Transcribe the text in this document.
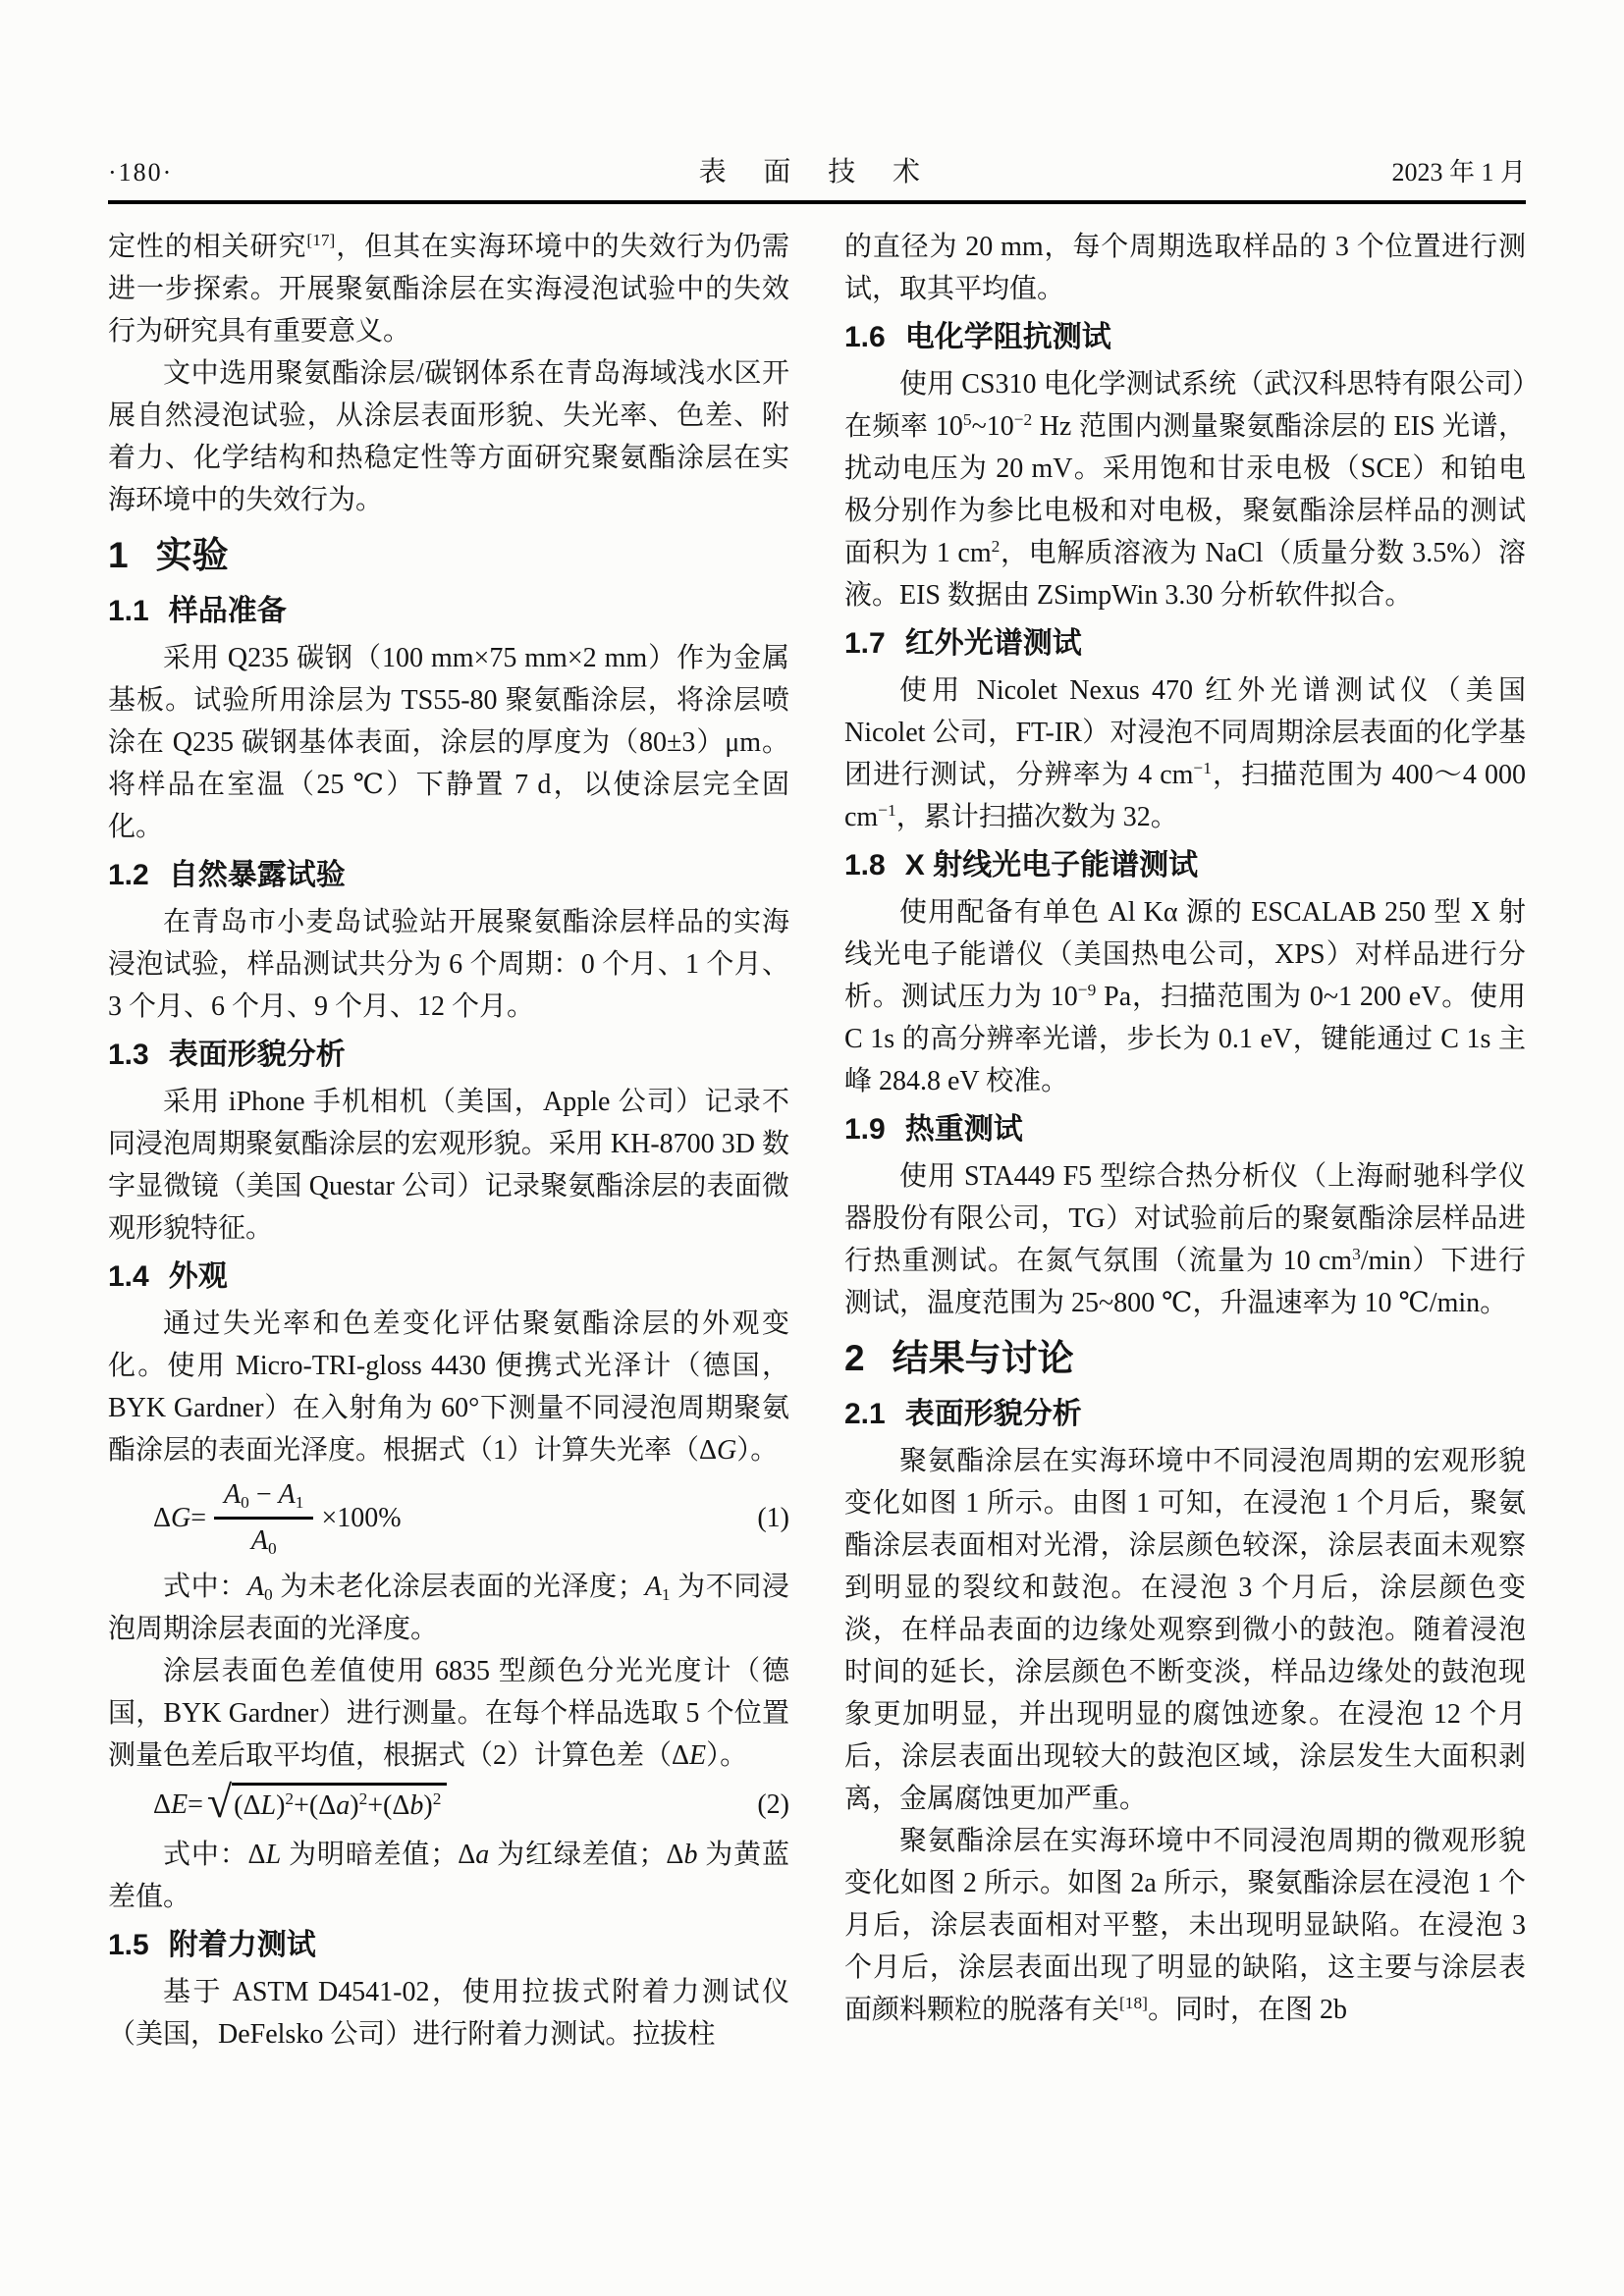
·180·	表 面 技 术	2023 年 1 月

定性的相关研究[17]，但其在实海环境中的失效行为仍需进一步探索。开展聚氨酯涂层在实海浸泡试验中的失效行为研究具有重要意义。

文中选用聚氨酯涂层/碳钢体系在青岛海域浅水区开展自然浸泡试验，从涂层表面形貌、失光率、色差、附着力、化学结构和热稳定性等方面研究聚氨酯涂层在实海环境中的失效行为。

1 实验
1.1 样品准备

采用 Q235 碳钢（100 mm×75 mm×2 mm）作为金属基板。试验所用涂层为 TS55-80 聚氨酯涂层，将涂层喷涂在 Q235 碳钢基体表面，涂层的厚度为（80±3）μm。将样品在室温（25 ℃）下静置 7 d，以使涂层完全固化。

1.2 自然暴露试验

在青岛市小麦岛试验站开展聚氨酯涂层样品的实海浸泡试验，样品测试共分为 6 个周期：0 个月、1 个月、3 个月、6 个月、9 个月、12 个月。

1.3 表面形貌分析

采用 iPhone 手机相机（美国，Apple 公司）记录不同浸泡周期聚氨酯涂层的宏观形貌。采用 KH-8700 3D 数字显微镜（美国 Questar 公司）记录聚氨酯涂层的表面微观形貌特征。

1.4 外观

通过失光率和色差变化评估聚氨酯涂层的外观变化。使用 Micro-TRI-gloss 4430 便携式光泽计（德国，BYK Gardner）在入射角为 60°下测量不同浸泡周期聚氨酯涂层的表面光泽度。根据式（1）计算失光率（ΔG）。

Δ $G = \frac{A_0 - A_1}{A_0} \times 100\%$	(1)

式中：$A_0$ 为未老化涂层表面的光泽度；$A_1$ 为不同浸泡周期涂层表面的光泽度。

涂层表面色差值使用 6835 型颜色分光光度计（德国，BYK Gardner）进行测量。在每个样品选取 5 个位置测量色差后取平均值，根据式（2）计算色差（ΔE）。

Δ E = √ $(\Delta L)^2+(\Delta a)^2+(\Delta b)^2$	(2)

式中：ΔL 为明暗差值；Δa 为红绿差值；Δb 为黄蓝差值。

1.5 附着力测试

基于 ASTM D4541-02，使用拉拔式附着力测试仪（美国，DeFelsko 公司）进行附着力测试。拉拔柱

的直径为 20 mm，每个周期选取样品的 3 个位置进行测试，取其平均值。

1.6 电化学阻抗测试

使用 CS310 电化学测试系统（武汉科思特有限公司）在频率 $10^5\sim 10^{-2}$ Hz 范围内测量聚氨酯涂层的 EIS 光谱，扰动电压为 20 mV。采用饱和甘汞电极（SCE）和铂电极分别作为参比电极和对电极，聚氨酯涂层样品的测试面积为 1 $cm^2$，电解质溶液为 NaCl（质量分数 3.5%）溶液。EIS 数据由 ZSimpWin 3.30 分析软件拟合。

1.7 红外光谱测试

使用 Nicolet Nexus 470 红外光谱测试仪（美国 Nicolet 公司，FT-IR）对浸泡不同周期涂层表面的化学基团进行测试，分辨率为 4 $cm^{-1}$，扫描范围为 400～4 000 $cm^{-1}$，累计扫描次数为 32。

1.8 X 射线光电子能谱测试

使用配备有单色 Al Kα 源的 ESCALAB 250 型 X 射线光电子能谱仪（美国热电公司，XPS）对样品进行分析。测试压力为 $10^{-9}$ Pa，扫描范围为 0~1 200 eV。使用 C 1s 的高分辨率光谱，步长为 0.1 eV，键能通过 C 1s 主峰 284.8 eV 校准。

1.9 热重测试

使用 STA449 F5 型综合热分析仪（上海耐驰科学仪器股份有限公司，TG）对试验前后的聚氨酯涂层样品进行热重测试。在氮气氛围（流量为 10 $cm^3/\min$）下进行测试，温度范围为 25~800 ℃，升温速率为 10 ℃/min。

2 结果与讨论
2.1 表面形貌分析

聚氨酯涂层在实海环境中不同浸泡周期的宏观形貌变化如图 1 所示。由图 1 可知，在浸泡 1 个月后，聚氨酯涂层表面相对光滑，涂层颜色较深，涂层表面未观察到明显的裂纹和鼓泡。在浸泡 3 个月后，涂层颜色变淡，在样品表面的边缘处观察到微小的鼓泡。随着浸泡时间的延长，涂层颜色不断变淡，样品边缘处的鼓泡现象更加明显，并出现明显的腐蚀迹象。在浸泡 12 个月后，涂层表面出现较大的鼓泡区域，涂层发生大面积剥离，金属腐蚀更加严重。

聚氨酯涂层在实海环境中不同浸泡周期的微观形貌变化如图 2 所示。如图 2a 所示，聚氨酯涂层在浸泡 1 个月后，涂层表面相对平整，未出现明显缺陷。在浸泡 3 个月后，涂层表面出现了明显的缺陷，这主要与涂层表面颜料颗粒的脱落有关[18]。同时，在图 2b
